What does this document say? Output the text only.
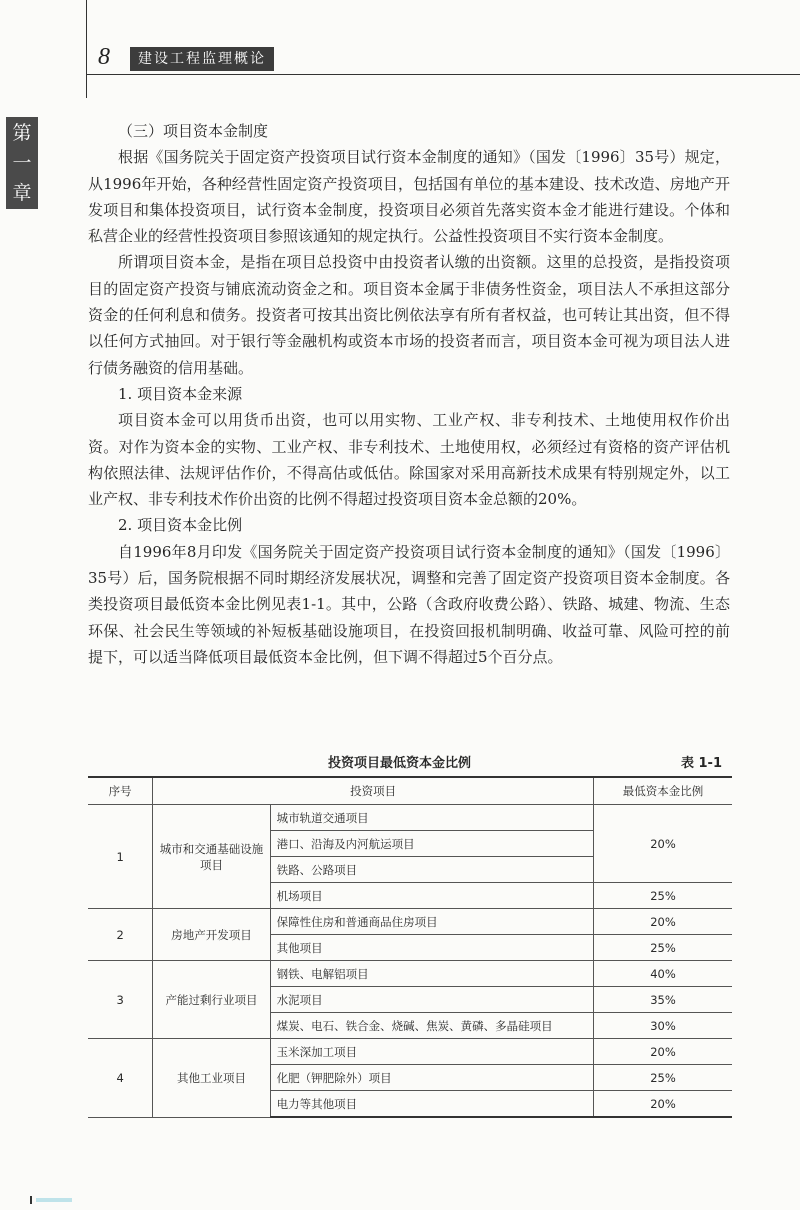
8	建设工程监理概论
第
一
章

（三）项目资本金制度

根据《国务院关于固定资产投资项目试行资本金制度的通知》（国发〔1996〕35号）规定，从1996年开始，各种经营性固定资产投资项目，包括国有单位的基本建设、技术改造、房地产开发项目和集体投资项目，试行资本金制度，投资项目必须首先落实资本金才能进行建设。个体和私营企业的经营性投资项目参照该通知的规定执行。公益性投资项目不实行资本金制度。

所谓项目资本金，是指在项目总投资中由投资者认缴的出资额。这里的总投资，是指投资项目的固定资产投资与铺底流动资金之和。项目资本金属于非债务性资金，项目法人不承担这部分资金的任何利息和债务。投资者可按其出资比例依法享有所有者权益，也可转让其出资，但不得以任何方式抽回。对于银行等金融机构或资本市场的投资者而言，项目资本金可视为项目法人进行债务融资的信用基础。

1. 项目资本金来源

项目资本金可以用货币出资，也可以用实物、工业产权、非专利技术、土地使用权作价出资。对作为资本金的实物、工业产权、非专利技术、土地使用权，必须经过有资格的资产评估机构依照法律、法规评估作价，不得高估或低估。除国家对采用高新技术成果有特别规定外，以工业产权、非专利技术作价出资的比例不得超过投资项目资本金总额的20%。

2. 项目资本金比例

自1996年8月印发《国务院关于固定资产投资项目试行资本金制度的通知》（国发〔1996〕35号）后，国务院根据不同时期经济发展状况，调整和完善了固定资产投资项目资本金制度。各类投资项目最低资本金比例见表1-1。其中，公路（含政府收费公路）、铁路、城建、物流、生态环保、社会民生等领域的补短板基础设施项目，在投资回报机制明确、收益可靠、风险可控的前提下，可以适当降低项目最低资本金比例，但下调不得超过5个百分点。

投资项目最低资本金比例	表 1-1
序号	投资项目		最低资本金比例
1	城市和交通基础设施项目	城市轨道交通项目	20%
		港口、沿海及内河航运项目	
		铁路、公路项目	
		机场项目	25%
2	房地产开发项目	保障性住房和普通商品住房项目	20%
		其他项目	25%
3	产能过剩行业项目	钢铁、电解铝项目	40%
		水泥项目	35%
		煤炭、电石、铁合金、烧碱、焦炭、黄磷、多晶硅项目	30%
4	其他工业项目	玉米深加工项目	20%
		化肥（钾肥除外）项目	25%
		电力等其他项目	20%
